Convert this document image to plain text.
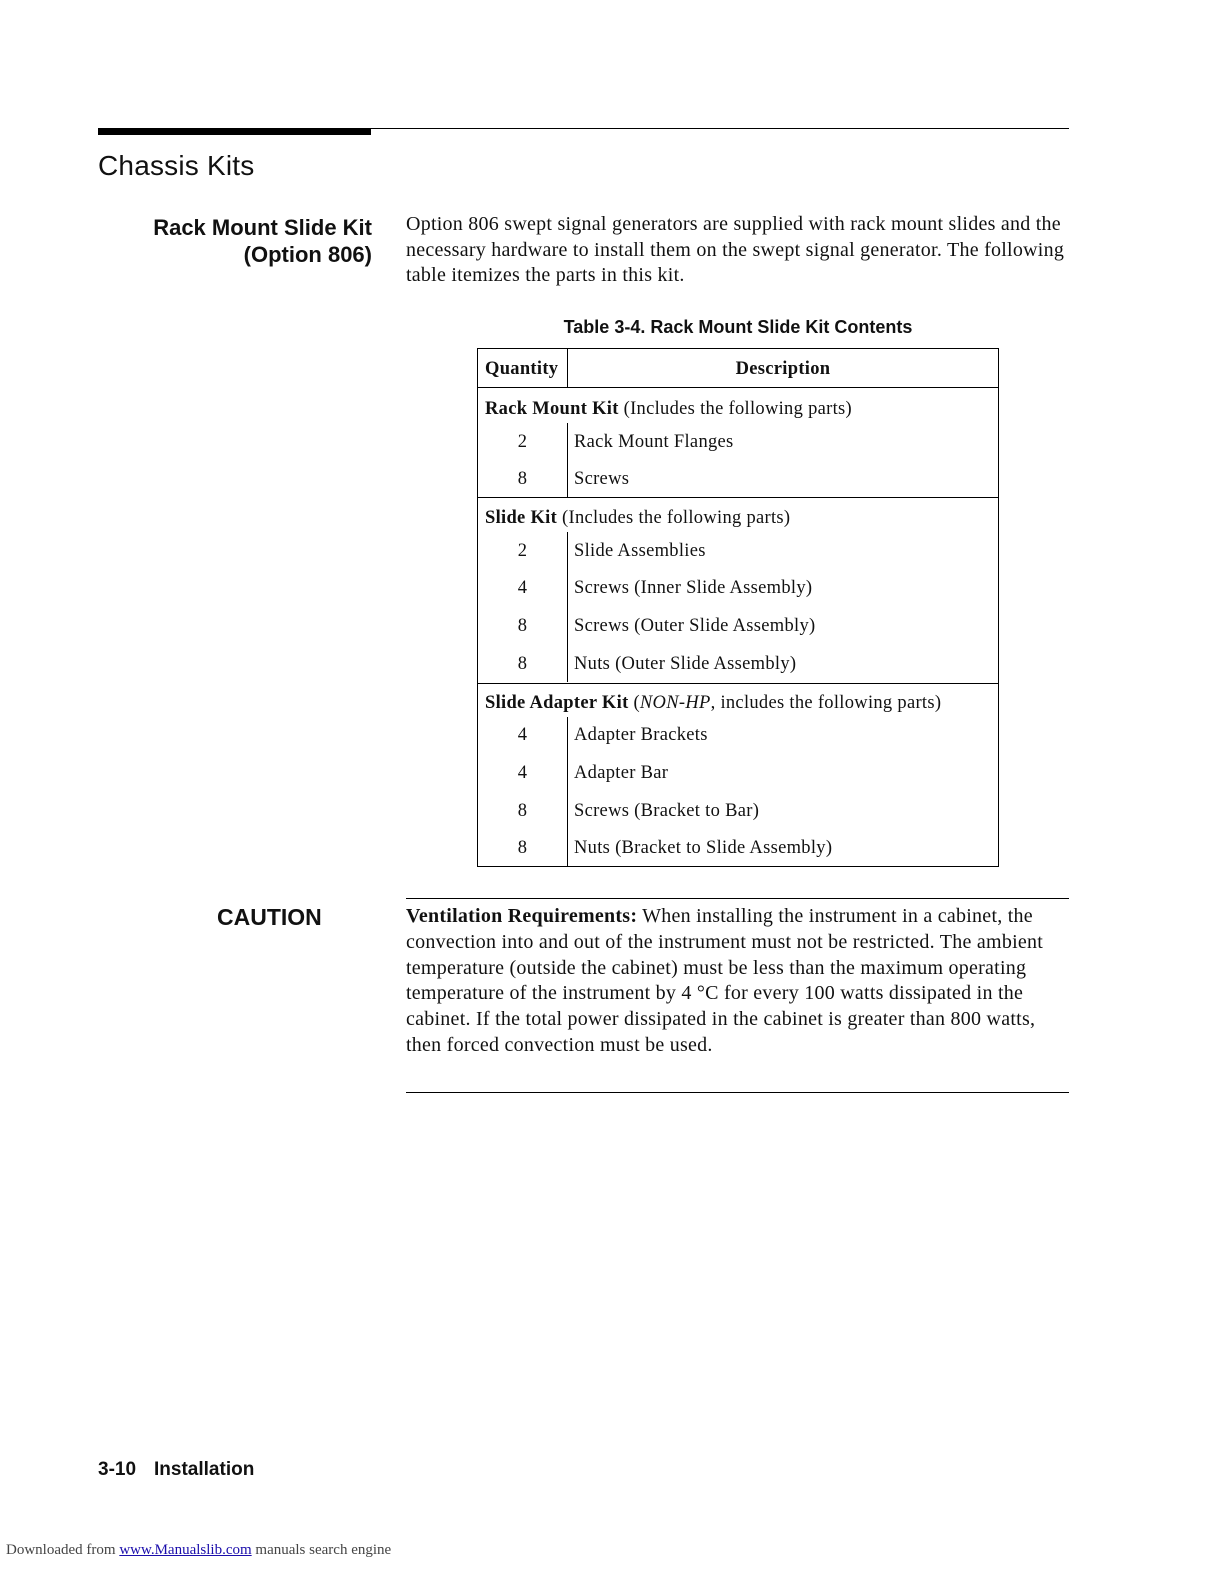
Chassis Kits
Rack Mount Slide Kit
(Option 806)
Option 806 swept signal generators are supplied with rack mount slides and the necessary hardware to install them on the swept signal generator. The following table itemizes the parts in this kit.
Table 3-4. Rack Mount Slide Kit Contents
Quantity	Description
Rack Mount Kit (Includes the following parts)
2	Rack Mount Flanges
8	Screws
Slide Kit (Includes the following parts)
2	Slide Assemblies
4	Screws (Inner Slide Assembly)
8	Screws (Outer Slide Assembly)
8	Nuts (Outer Slide Assembly)
Slide Adapter Kit (NON-HP, includes the following parts)
4	Adapter Brackets
4	Adapter Bar
8	Screws (Bracket to Bar)
8	Nuts (Bracket to Slide Assembly)
CAUTION	Ventilation Requirements: When installing the instrument in a cabinet, the convection into and out of the instrument must not be restricted. The ambient temperature (outside the cabinet) must be less than the maximum operating temperature of the instrument by 4 °C for every 100 watts dissipated in the cabinet. If the total power dissipated in the cabinet is greater than 800 watts, then forced convection must be used.
3-10 Installation
Downloaded from www.Manualslib.com manuals search engine
